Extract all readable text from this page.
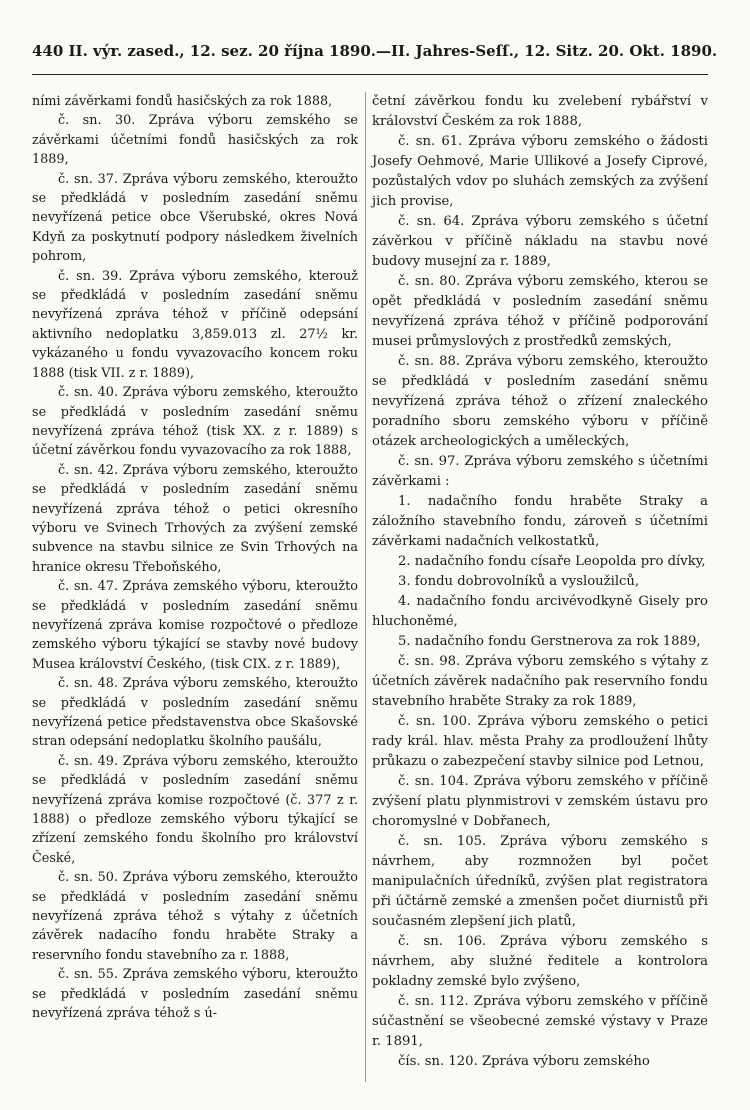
440 II. výr. zased., 12. sez. 20 října 1890. — II. Jahres-Seſſ., 12. Sitz. 20. Okt. 1890.

ními závěrkami fondů hasičských za rok 1888,

č. sn. 30. Zpráva výboru zemského se závěrkami účetními fondů hasičských za rok 1889,

č. sn. 37. Zpráva výboru zemského, kteroužto se předkládá v posledním zasedání sněmu nevyřízená petice obce Všerubské, okres Nová Kdyň za poskytnutí podpory následkem živelních pohrom,

č. sn. 39. Zpráva výboru zemského, kterouž se předkládá v posledním zasedání sněmu nevyřízená zpráva téhož v příčině odepsání aktivního nedoplatku 3,859.013 zl. 27½ kr. vykázaného u fondu vyvazovacího koncem roku 1888 (tisk VII. z r. 1889),

č. sn. 40. Zpráva výboru zemského, kteroužto se předkládá v posledním zasedání sněmu nevyřízená zpráva téhož (tisk XX. z r. 1889) s účetní závěrkou fondu vyvazovacího za rok 1888,

č. sn. 42. Zpráva výboru zemského, kteroužto se předkládá v posledním zasedání sněmu nevyřízená zpráva téhož o petici okresního výboru ve Svinech Trhových za zvýšení zemské subvence na stavbu silnice ze Svin Trhových na hranice okresu Třeboňského,

č. sn. 47. Zpráva zemského výboru, kteroužto se předkládá v posledním zasedání sněmu nevyřízená zpráva komise rozpočtové o předloze zemského výboru týkající se stavby nové budovy Musea království Českého, (tisk CIX. z r. 1889),

č. sn. 48. Zpráva výboru zemského, kteroužto se předkládá v posledním zasedání sněmu nevyřízená petice představenstva obce Skašovské stran odepsání nedoplatku školního paušálu,

č. sn. 49. Zpráva výboru zemského, kteroužto se předkládá v posledním zasedání sněmu nevyřízená zpráva komise rozpočtové (č. 377 z r. 1888) o předloze zemského výboru týkající se zřízení zemského fondu školního pro království České,

č. sn. 50. Zpráva výboru zemského, kteroužto se předkládá v posledním zasedání sněmu nevyřízená zpráva téhož s výtahy z účetních závěrek nadacího fondu hraběte Straky a reservního fondu stavebního za r. 1888,

č. sn. 55. Zpráva zemského výboru, kteroužto se předkládá v posledním zasedání sněmu nevyřízená zpráva téhož s ú-

četní závěrkou fondu ku zvelebení rybářství v království Českém za rok 1888,

č. sn. 61. Zpráva výboru zemského o žádosti Josefy Oehmové, Marie Ullikové a Josefy Ciprové, pozůstalých vdov po sluhách zemských za zvýšení jich provise,

č. sn. 64. Zpráva výboru zemského s účetní závěrkou v příčině nákladu na stavbu nové budovy musejní za r. 1889,

č. sn. 80. Zpráva výboru zemského, kterou se opět předkládá v posledním zasedání sněmu nevyřízená zpráva téhož v příčině podporování musei průmyslových z prostředků zemských,

č. sn. 88. Zpráva výboru zemského, kteroužto se předkládá v posledním zasedání sněmu nevyřízená zpráva téhož o zřízení znaleckého poradního sboru zemského výboru v příčině otázek archeologických a uměleckých,

č. sn. 97. Zpráva výboru zemského s účetními závěrkami :

1. nadačního fondu hraběte Straky a záložního stavebního fondu, zároveň s účetními závěrkami nadačních velkostatků,

2. nadačního fondu císaře Leopolda pro dívky,

3. fondu dobrovolníků a vysloužilců,

4. nadačního fondu arcivévodkyně Gisely pro hluchoněmé,

5. nadačního fondu Gerstnerova za rok 1889,

č. sn. 98. Zpráva výboru zemského s výtahy z účetních závěrek nadačního pak reservního fondu stavebního hraběte Straky za rok 1889,

č. sn. 100. Zpráva výboru zemského o petici rady král. hlav. města Prahy za prodloužení lhůty průkazu o zabezpečení stavby silnice pod Letnou,

č. sn. 104. Zpráva výboru zemského v příčině zvýšení platu plynmistrovi v zemském ústavu pro choromyslné v Dobřanech,

č. sn. 105. Zpráva výboru zemského s návrhem, aby rozmnožen byl počet manipulačních úředníků, zvýšen plat registratora při účtárně zemské a zmenšen počet diurnistů při současném zlepšení jich platů,

č. sn. 106. Zpráva výboru zemského s návrhem, aby služné ředitele a kontrolora pokladny zemské bylo zvýšeno,

č. sn. 112. Zpráva výboru zemského v příčině súčastnění se všeobecné zemské výstavy v Praze r. 1891,

čís. sn. 120. Zpráva výboru zemského
